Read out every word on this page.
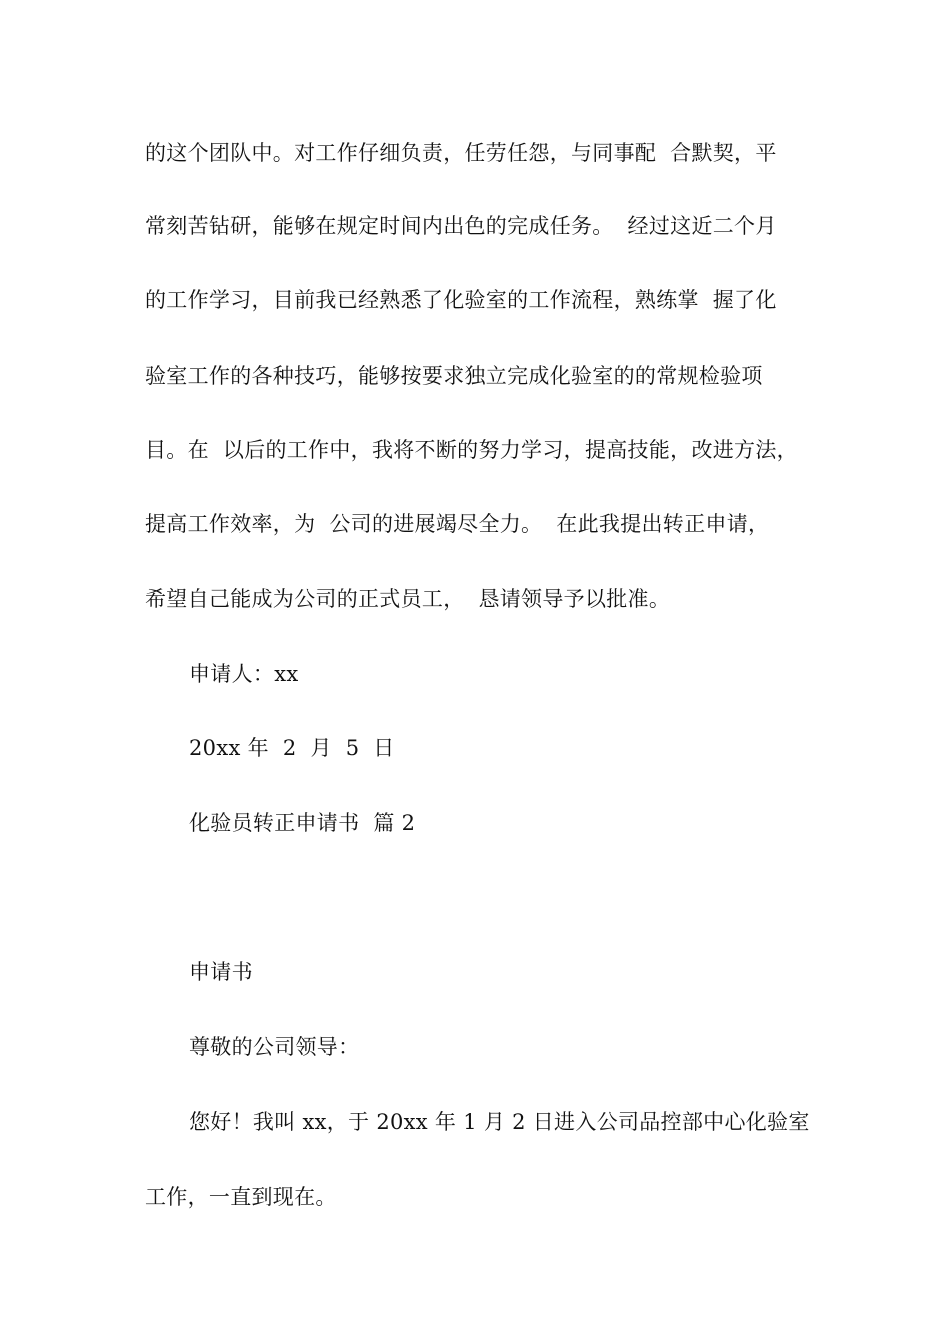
的这个团队中。对工作仔细负责，任劳任怨，与同事配  合默契，平
常刻苦钻研，能够在规定时间内出色的完成任务。  经过这近二个月
的工作学习，目前我已经熟悉了化验室的工作流程，熟练掌  握了化
验室工作的各种技巧，能够按要求独立完成化验室的的常规检验项
目。在  以后的工作中，我将不断的努力学习，提高技能，改进方法，
提高工作效率，为  公司的进展竭尽全力。  在此我提出转正申请，
希望自己能成为公司的正式员工，  恳请领导予以批准。
申请人：xx
20xx 年  2  月  5  日
化验员转正申请书  篇 2
申请书
尊敬的公司领导：
您好！我叫 xx，于 20xx 年 1 月 2 日进入公司品控部中心化验室
工作，一直到现在。
